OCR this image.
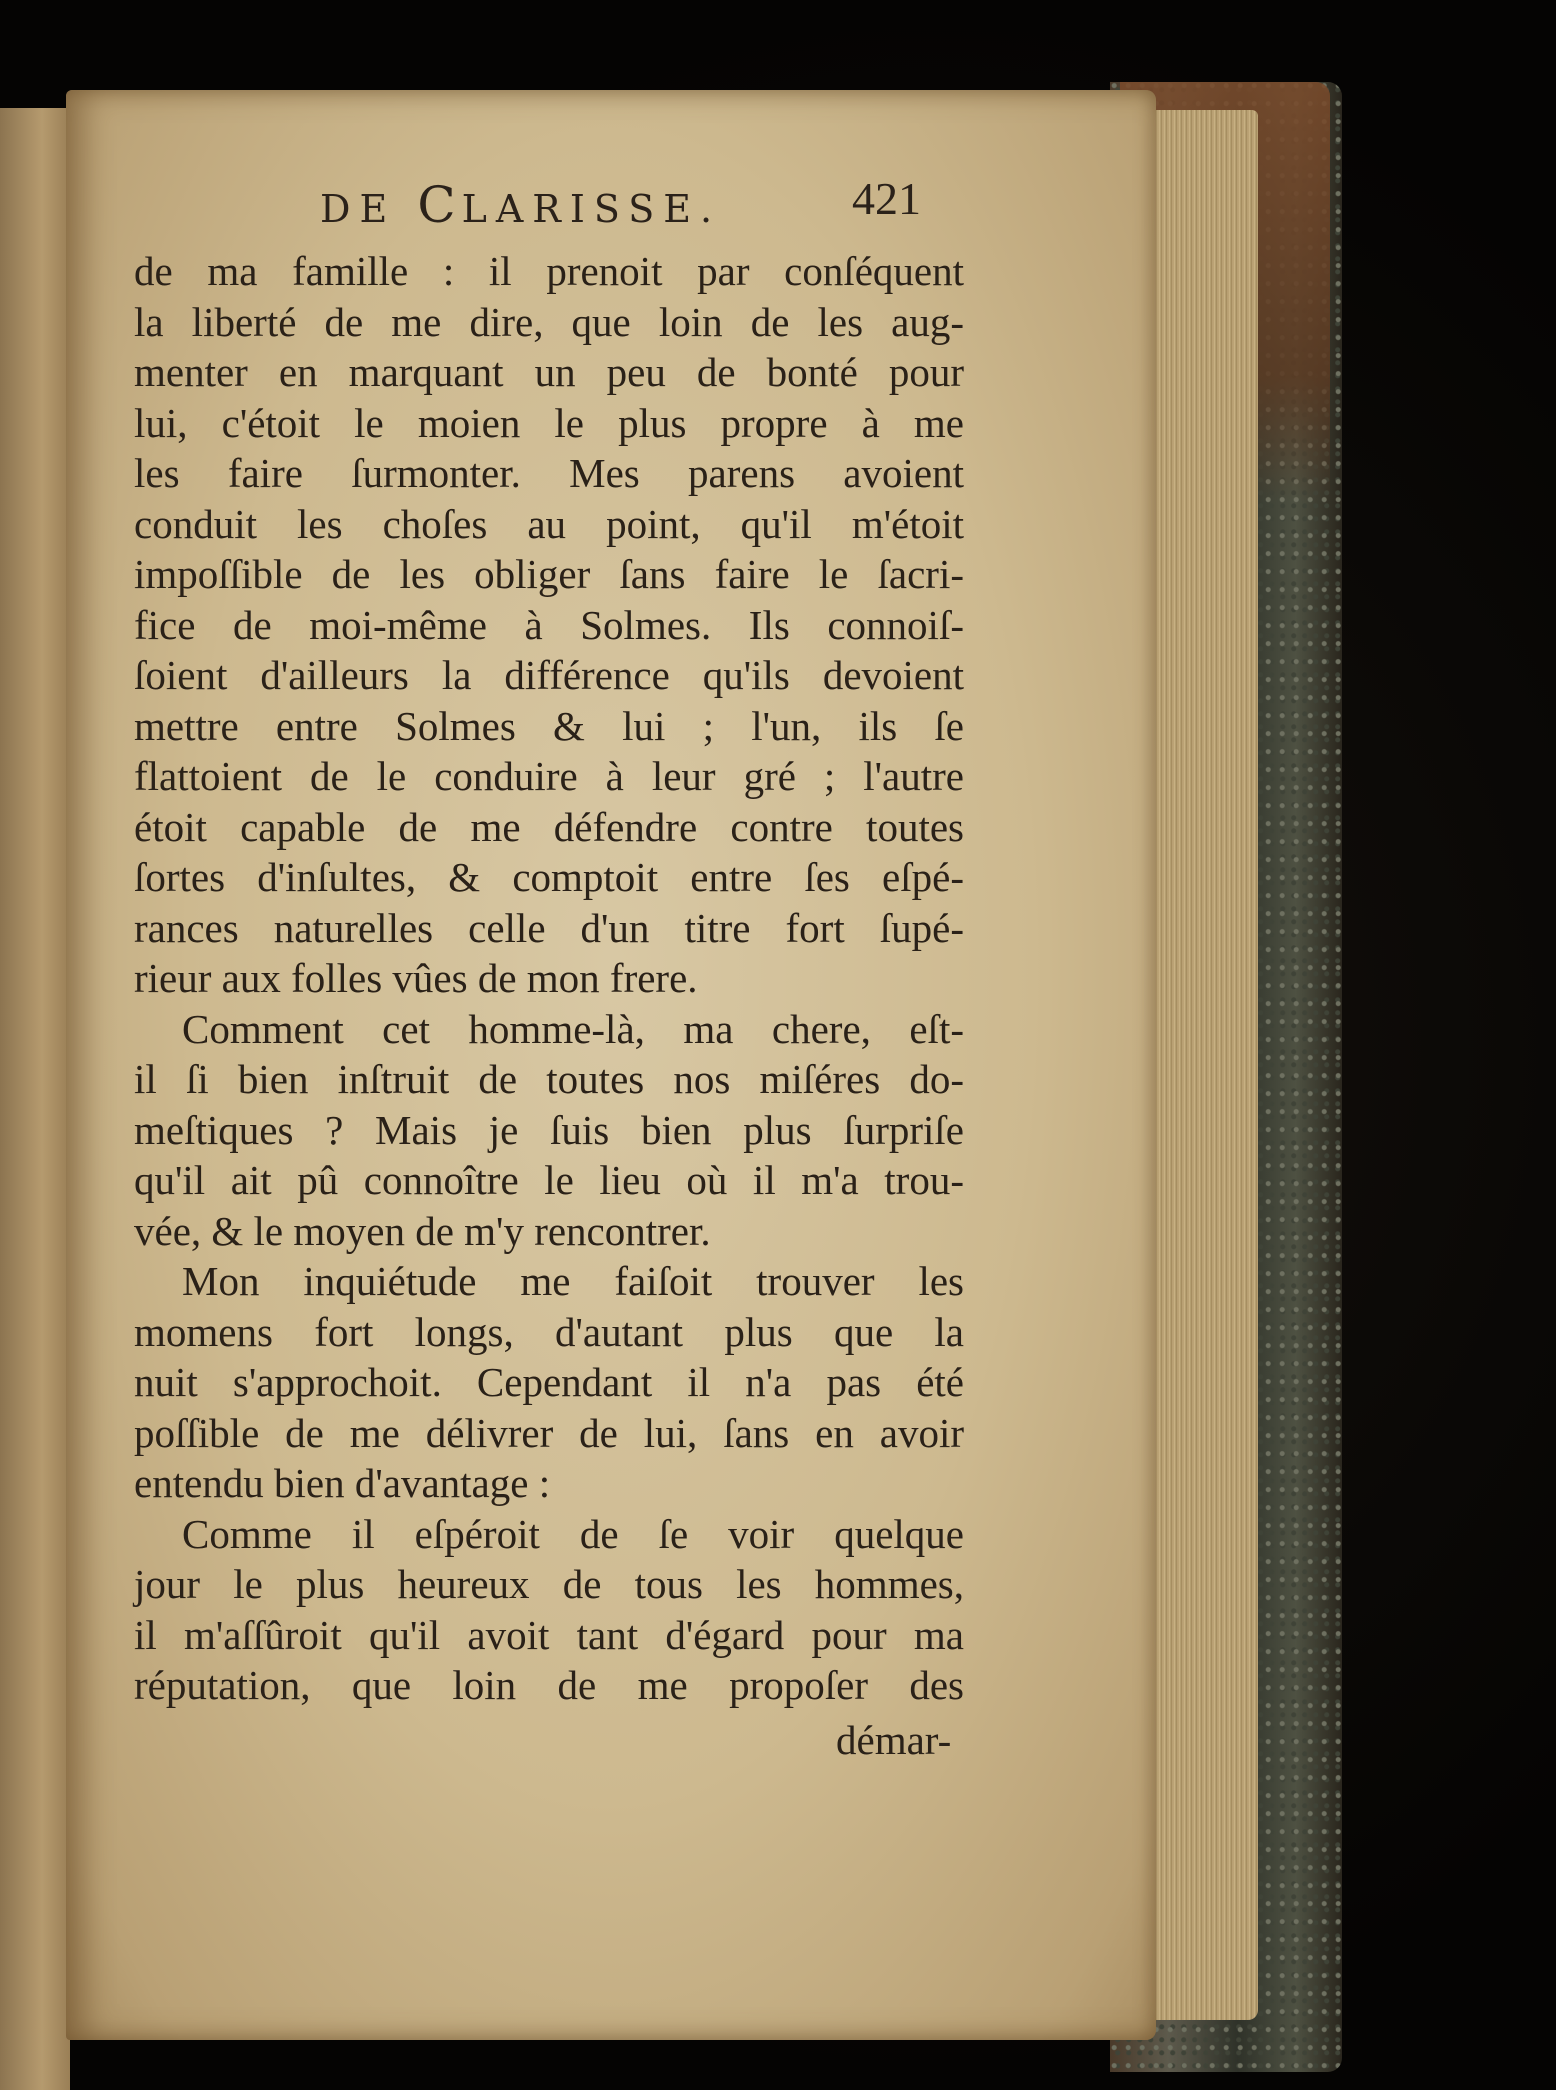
DE CLARISSE.	421
de ma famille : il prenoit par conſéquent
la liberté de me dire, que loin de les aug-
menter en marquant un peu de bonté pour
lui, c'étoit le moien le plus propre à me
les faire ſurmonter. Mes parens avoient
conduit les choſes au point, qu'il m'étoit
impoſſible de les obliger ſans faire le ſacri-
fice de moi-même à Solmes. Ils connoiſ-
ſoient d'ailleurs la différence qu'ils devoient
mettre entre Solmes & lui ; l'un, ils ſe
flattoient de le conduire à leur gré ; l'autre
étoit capable de me défendre contre toutes
ſortes d'inſultes, & comptoit entre ſes eſpé-
rances naturelles celle d'un titre fort ſupé-
rieur aux folles vûes de mon frere.
Comment cet homme-là, ma chere, eſt-
il ſi bien inſtruit de toutes nos miſéres do-
meſtiques ? Mais je ſuis bien plus ſurpriſe
qu'il ait pû connoître le lieu où il m'a trou-
vée, & le moyen de m'y rencontrer.
Mon inquiétude me faiſoit trouver les
momens fort longs, d'autant plus que la
nuit s'approchoit. Cependant il n'a pas été
poſſible de me délivrer de lui, ſans en avoir
entendu bien d'avantage :
Comme il eſpéroit de ſe voir quelque
jour le plus heureux de tous les hommes,
il m'aſſûroit qu'il avoit tant d'égard pour ma
réputation, que loin de me propoſer des
démar-
